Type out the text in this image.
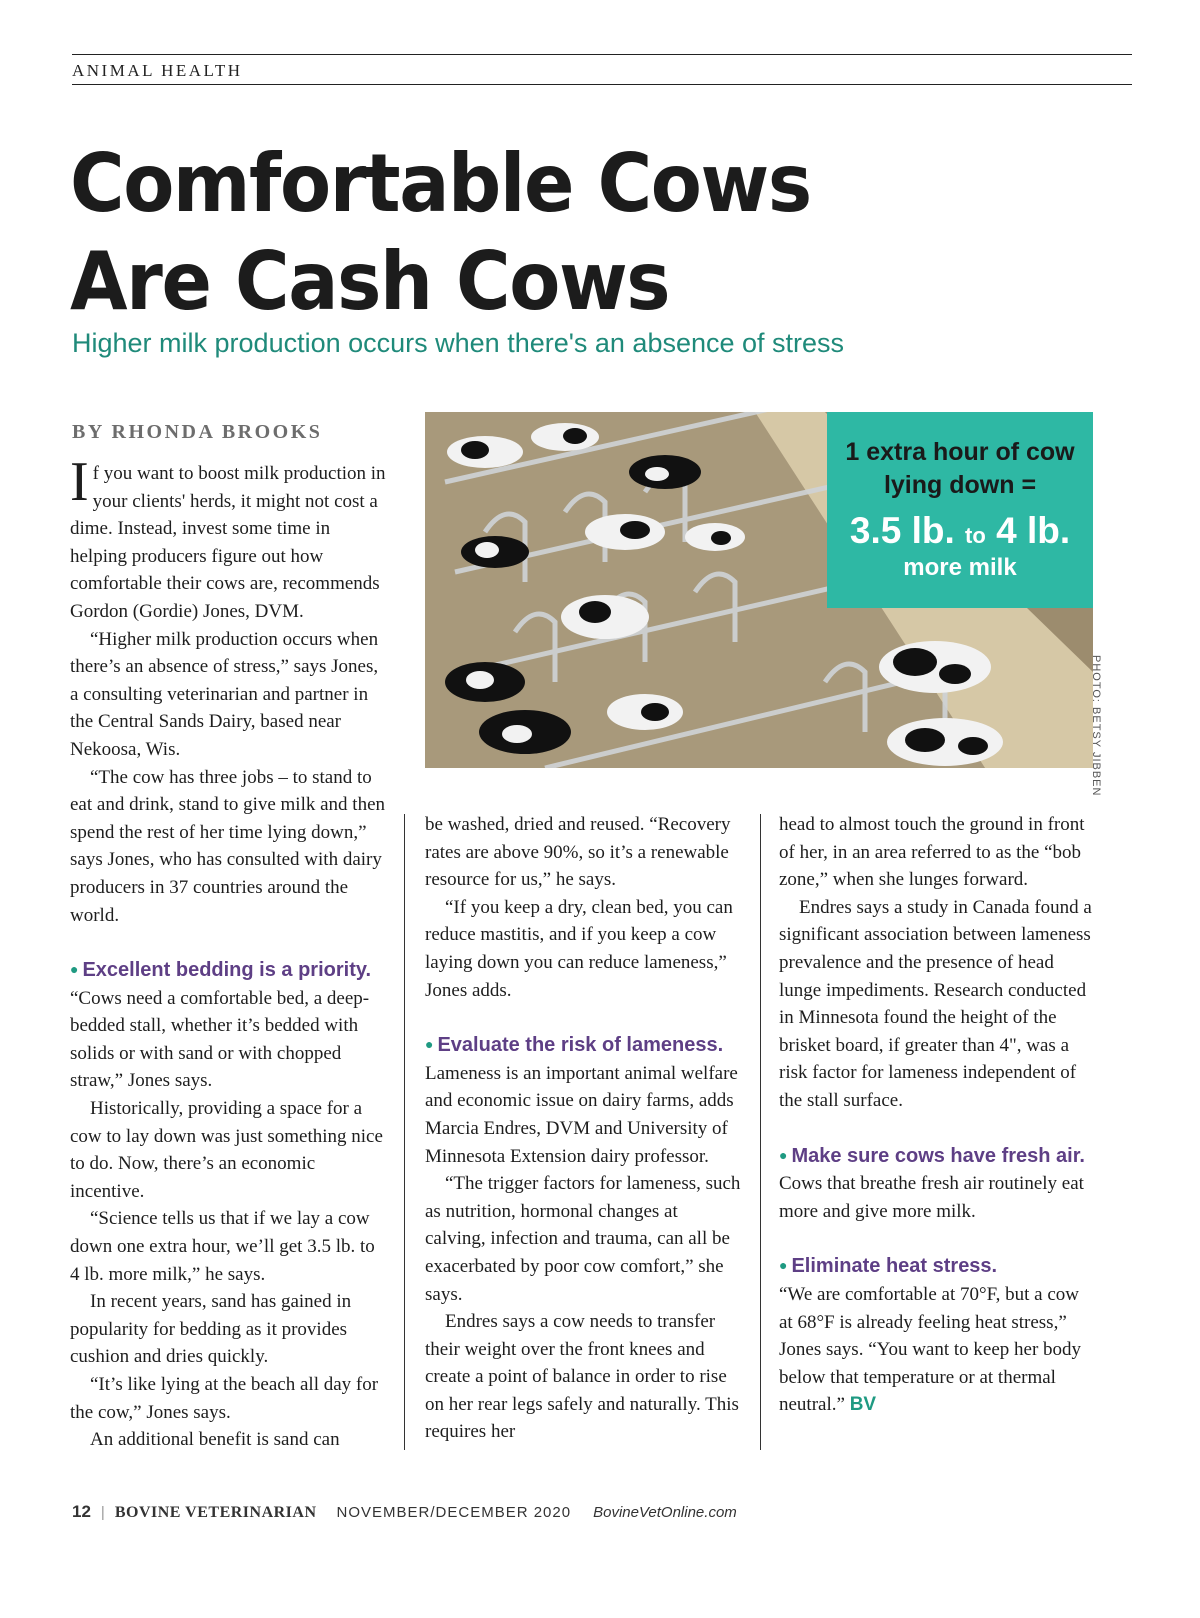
ANIMAL HEALTH
Comfortable Cows
Are Cash Cows
Higher milk production occurs when there's an absence of stress
BY RHONDA BROOKS
1 extra hour of cow lying down =
3.5 lb. to 4 lb.
more milk
PHOTO: BETSY JIBBEN

If you want to boost milk production in your clients' herds, it might not cost a dime. Instead, invest some time in helping producers figure out how comfortable their cows are, recommends Gordon (Gordie) Jones, DVM.

“Higher milk production occurs when there’s an absence of stress,” says Jones, a consulting veterinarian and partner in the Central Sands Dairy, based near Nekoosa, Wis.

“The cow has three jobs – to stand to eat and drink, stand to give milk and then spend the rest of her time lying down,” says Jones, who has consulted with dairy producers in 37 countries around the world.

● Excellent bedding is a priority.

“Cows need a comfortable bed, a deep-bedded stall, whether it’s bedded with solids or with sand or with chopped straw,” Jones says.

Historically, providing a space for a cow to lay down was just something nice to do. Now, there’s an economic incentive.

“Science tells us that if we lay a cow down one extra hour, we’ll get 3.5 lb. to 4 lb. more milk,” he says.

In recent years, sand has gained in popularity for bedding as it provides cushion and dries quickly.

“It’s like lying at the beach all day for the cow,” Jones says.

An additional benefit is sand can

be washed, dried and reused. “Recovery rates are above 90%, so it’s a renewable resource for us,” he says.

“If you keep a dry, clean bed, you can reduce mastitis, and if you keep a cow laying down you can reduce lameness,” Jones adds.

● Evaluate the risk of lameness.

Lameness is an important animal welfare and economic issue on dairy farms, adds Marcia Endres, DVM and University of Minnesota Extension dairy professor.

“The trigger factors for lameness, such as nutrition, hormonal changes at calving, infection and trauma, can all be exacerbated by poor cow comfort,” she says.

Endres says a cow needs to transfer their weight over the front knees and create a point of balance in order to rise on her rear legs safely and naturally. This requires her

head to almost touch the ground in front of her, in an area referred to as the “bob zone,” when she lunges forward.

Endres says a study in Canada found a significant association between lameness prevalence and the presence of head lunge impediments. Research conducted in Minnesota found the height of the brisket board, if greater than 4", was a risk factor for lameness independent of the stall surface.

● Make sure cows have fresh air.

Cows that breathe fresh air routinely eat more and give more milk.

● Eliminate heat stress.

“We are comfortable at 70°F, but a cow at 68°F is already feeling heat stress,” Jones says. “You want to keep her body below that temperature or at thermal neutral.” BV

12 | BOVINE VETERINARIAN NOVEMBER/DECEMBER 2020 BovineVetOnline.com
